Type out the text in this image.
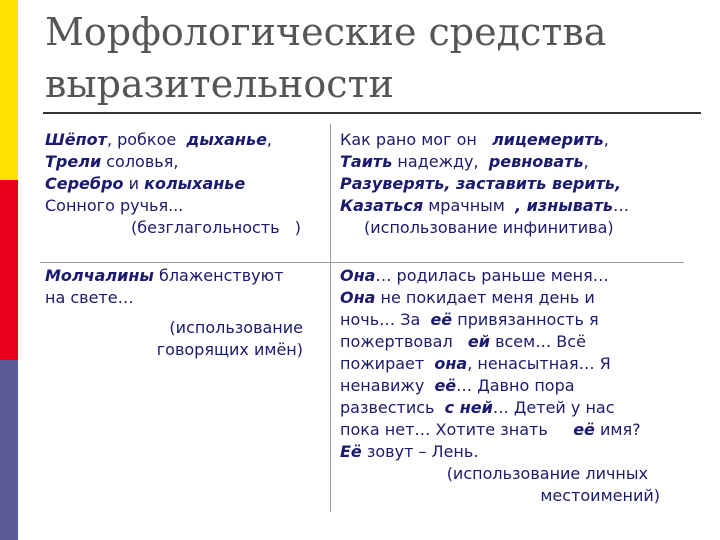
Морфологические средства
выразительности
Шёпот, робкое  дыханье,
Трели соловья,
Серебро и колыханье
Сонного ручья...
(безглагольность   )
Как рано мог он   лицемерить,
Таить надежду,  ревновать,
Разуверять, заставить верить,
Казаться мрачным  , изнывать…
(использование инфинитива)
Молчалины блаженствуют
на свете…
(использование
говорящих имён)
Она… родилась раньше меня…
Она не покидает меня день и
ночь… За  её привязанность я
пожертвовал   ей всем… Всё
пожирает  она, ненасытная… Я
ненавижу  её… Давно пора
развестись  с ней… Детей у нас
пока нет… Хотите знать     её имя?
Её зовут – Лень.
(использование личных
местоимений)
